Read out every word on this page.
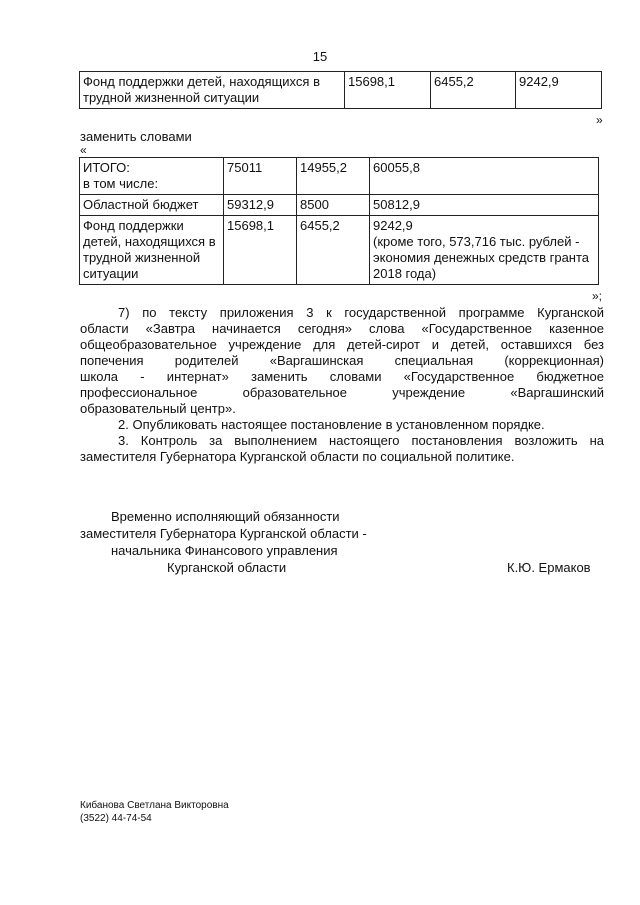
15
Фонд поддержки детей, находящихся в трудной жизненной ситуации	15698,1	6455,2	9242,9
»
заменить словами
«
ИТОГО:
в том числе:	75011	14955,2	60055,8
Областной бюджет	59312,9	8500	50812,9
Фонд поддержки детей, находящихся в трудной жизненной ситуации	15698,1	6455,2	9242,9
(кроме того, 573,716 тыс. рублей - экономия денежных средств гранта 2018 года)
»;
7) по тексту приложения 3 к государственной программе Курганской
области «Завтра начинается сегодня» слова «Государственное казенное
общеобразовательное учреждение для детей-сирот и детей, оставшихся без
попечения родителей «Варгашинская специальная (коррекционная)
школа - интернат» заменить словами «Государственное бюджетное
профессиональное образовательное учреждение «Варгашинский
образовательный центр».
2. Опубликовать настоящее постановление в установленном порядке.
3. Контроль за выполнением настоящего постановления возложить на
заместителя Губернатора Курганской области по социальной политике.
Временно исполняющий обязанности
заместителя Губернатора Курганской области -
начальника Финансового управления
Курганской области	К.Ю. Ермаков
Кибанова Светлана Викторовна
(3522) 44-74-54
